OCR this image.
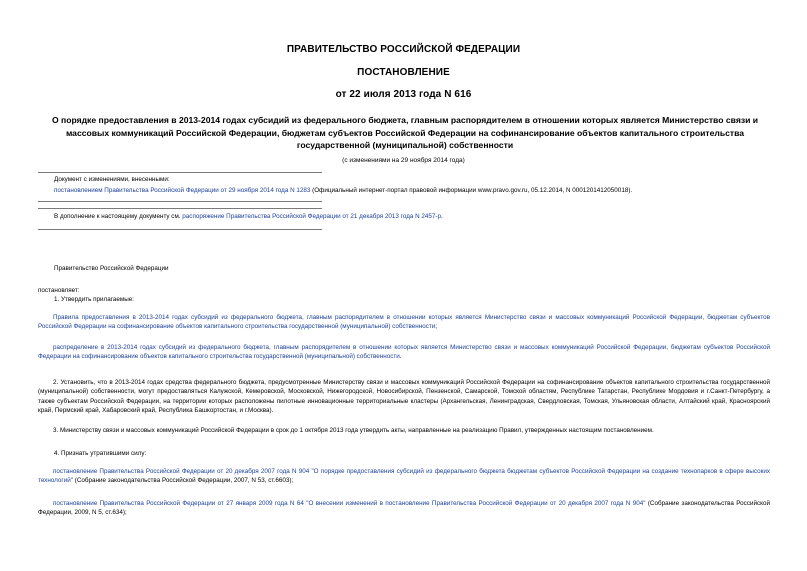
ПРАВИТЕЛЬСТВО РОССИЙСКОЙ ФЕДЕРАЦИИ
ПОСТАНОВЛЕНИЕ
от 22 июля 2013 года N 616
О порядке предоставления в 2013-2014 годах субсидий из федерального бюджета, главным распорядителем в отношении которых является Министерство связи и массовых коммуникаций Российской Федерации, бюджетам субъектов Российской Федерации на софинансирование объектов капитального строительства государственной (муниципальной) собственности
(с изменениями на 29 ноября 2014 года)
Документ с изменениями, внесенными:
постановлением Правительства Российской Федерации от 29 ноября 2014 года N 1283 (Официальный интернет-портал правовой информации www.pravo.gov.ru, 05.12.2014, N 0001201412050018).
В дополнение к настоящему документу см. распоряжение Правительства Российской Федерации от 21 декабря 2013 года N 2457-р.
Правительство Российской Федерации
постановляет:
1. Утвердить прилагаемые:
Правила предоставления в 2013-2014 годах субсидий из федерального бюджета, главным распорядителем в отношении которых является Министерство связи и массовых коммуникаций Российской Федерации, бюджетам субъектов Российской Федерации на софинансирование объектов капитального строительства государственной (муниципальной) собственности;
распределение в 2013-2014 годах субсидий из федерального бюджета, главным распорядителем в отношении которых является Министерство связи и массовых коммуникаций Российской Федерации, бюджетам субъектов Российской Федерации на софинансирование объектов капитального строительства государственной (муниципальной) собственности.
2. Установить, что в 2013-2014 годах средства федерального бюджета, предусмотренные Министерству связи и массовых коммуникаций Российской Федерации на софинансирование объектов капитального строительства государственной (муниципальной) собственности, могут предоставляться Калужской, Кемеровской, Московской, Нижегородской, Новосибирской, Пензенской, Самарской, Томской областям, Республике Татарстан, Республике Мордовия и г.Санкт-Петербургу, а также субъектам Российской Федерации, на территории которых расположены пилотные инновационные территориальные кластеры (Архангельская, Ленинградская, Свердловская, Томская, Ульяновская области, Алтайский край, Красноярский край, Пермский край, Хабаровский край, Республика Башкортостан, и г.Москва).
3. Министерству связи и массовых коммуникаций Российской Федерации в срок до 1 октября 2013 года утвердить акты, направленные на реализацию Правил, утвержденных настоящим постановлением.
4. Признать утратившими силу:
постановление Правительства Российской Федерации от 20 декабря 2007 года N 904 "О порядке предоставления субсидий из федерального бюджета бюджетам субъектов Российской Федерации на создание технопарков в сфере высоких технологий" (Собрание законодательства Российской Федерации, 2007, N 53, ст.6603);
постановление Правительства Российской Федерации от 27 января 2009 года N 64 "О внесении изменений в постановление Правительства Российской Федерации от 20 декабря 2007 года N 904" (Собрание законодательства Российской Федерации, 2009, N 5, ст.634);
